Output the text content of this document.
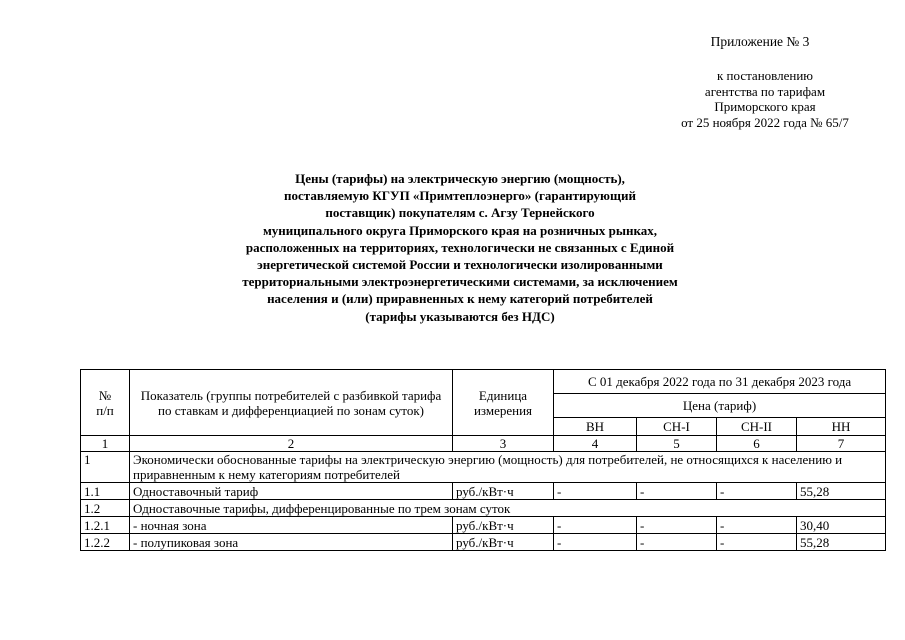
Приложение № 3
к постановлению
агентства по тарифам
Приморского края
от 25 ноября 2022 года № 65/7
Цены (тарифы) на электрическую энергию (мощность),
поставляемую КГУП «Примтеплоэнерго» (гарантирующий
поставщик) покупателям с. Агзу Тернейского
муниципального округа Приморского края на розничных рынках,
расположенных на территориях, технологически не связанных с Единой
энергетической системой России и технологически изолированными
территориальными электроэнергетическими системами, за исключением
населения и (или) приравненных к нему категорий потребителей
(тарифы указываются без НДС)
№
п/п	Показатель (группы потребителей с разбивкой тарифа по ставкам и дифференциацией по зонам суток)	Единица измерения	С 01 декабря 2022 года по 31 декабря 2023 года			
			Цена (тариф)			
			ВН	СН-I	СН-II	НН
1	2	3	4	5	6	7
1	Экономически обоснованные тарифы на электрическую энергию (мощность) для потребителей, не относящихся к населению и приравненным к нему категориям потребителей					
1.1	Одноставочный тариф	руб./кВт·ч	-	-	-	55,28
1.2	Одноставочные тарифы, дифференцированные по трем зонам суток					
1.2.1	- ночная зона	руб./кВт·ч	-	-	-	30,40
1.2.2	- полупиковая зона	руб./кВт·ч	-	-	-	55,28
